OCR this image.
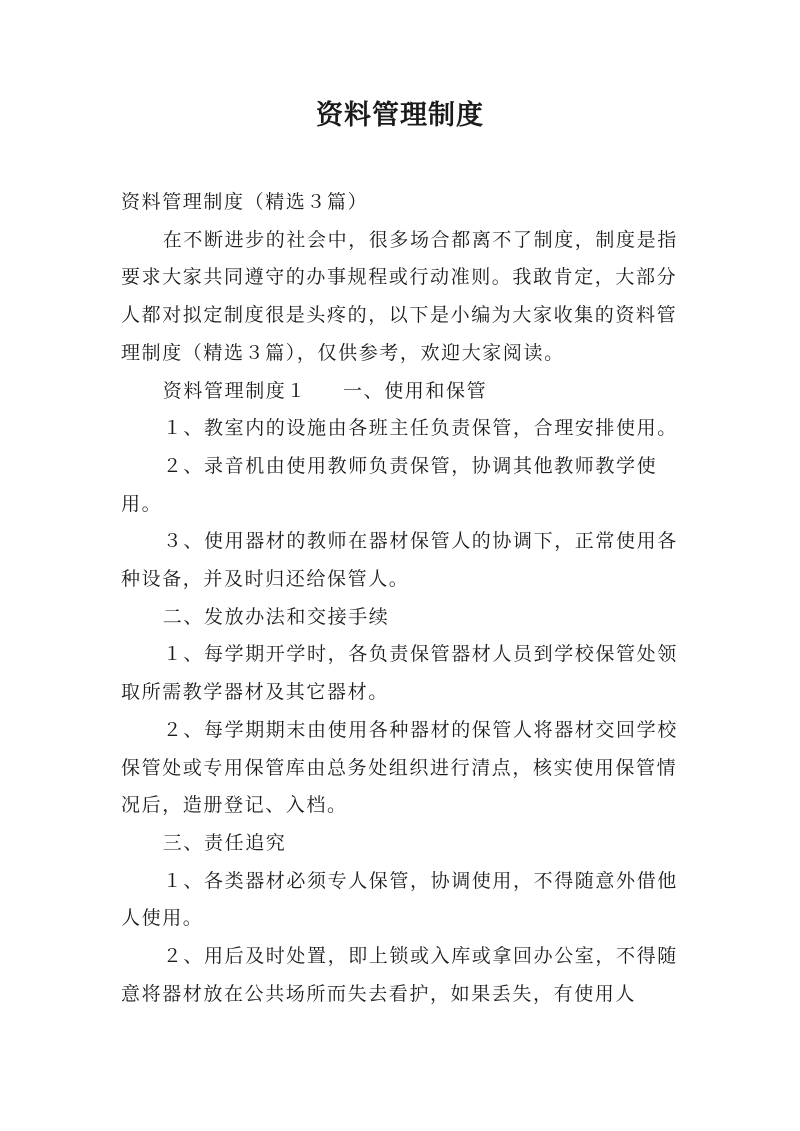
资料管理制度

资料管理制度（精选３篇）

在不断进步的社会中，很多场合都离不了制度，制度是指要求大家共同遵守的办事规程或行动准则。我敢肯定，大部分人都对拟定制度很是头疼的，以下是小编为大家收集的资料管理制度（精选３篇），仅供参考，欢迎大家阅读。

资料管理制度１ 一、使用和保管

１、教室内的设施由各班主任负责保管，合理安排使用。

２、录音机由使用教师负责保管，协调其他教师教学使用。

３、使用器材的教师在器材保管人的协调下，正常使用各种设备，并及时归还给保管人。

二、发放办法和交接手续

１、每学期开学时，各负责保管器材人员到学校保管处领取所需教学器材及其它器材。

２、每学期期末由使用各种器材的保管人将器材交回学校保管处或专用保管库由总务处组织进行清点，核实使用保管情况后，造册登记、入档。

三、责任追究

１、各类器材必须专人保管，协调使用，不得随意外借他人使用。

２、用后及时处置，即上锁或入库或拿回办公室，不得随意将器材放在公共场所而失去看护，如果丢失，有使用人
